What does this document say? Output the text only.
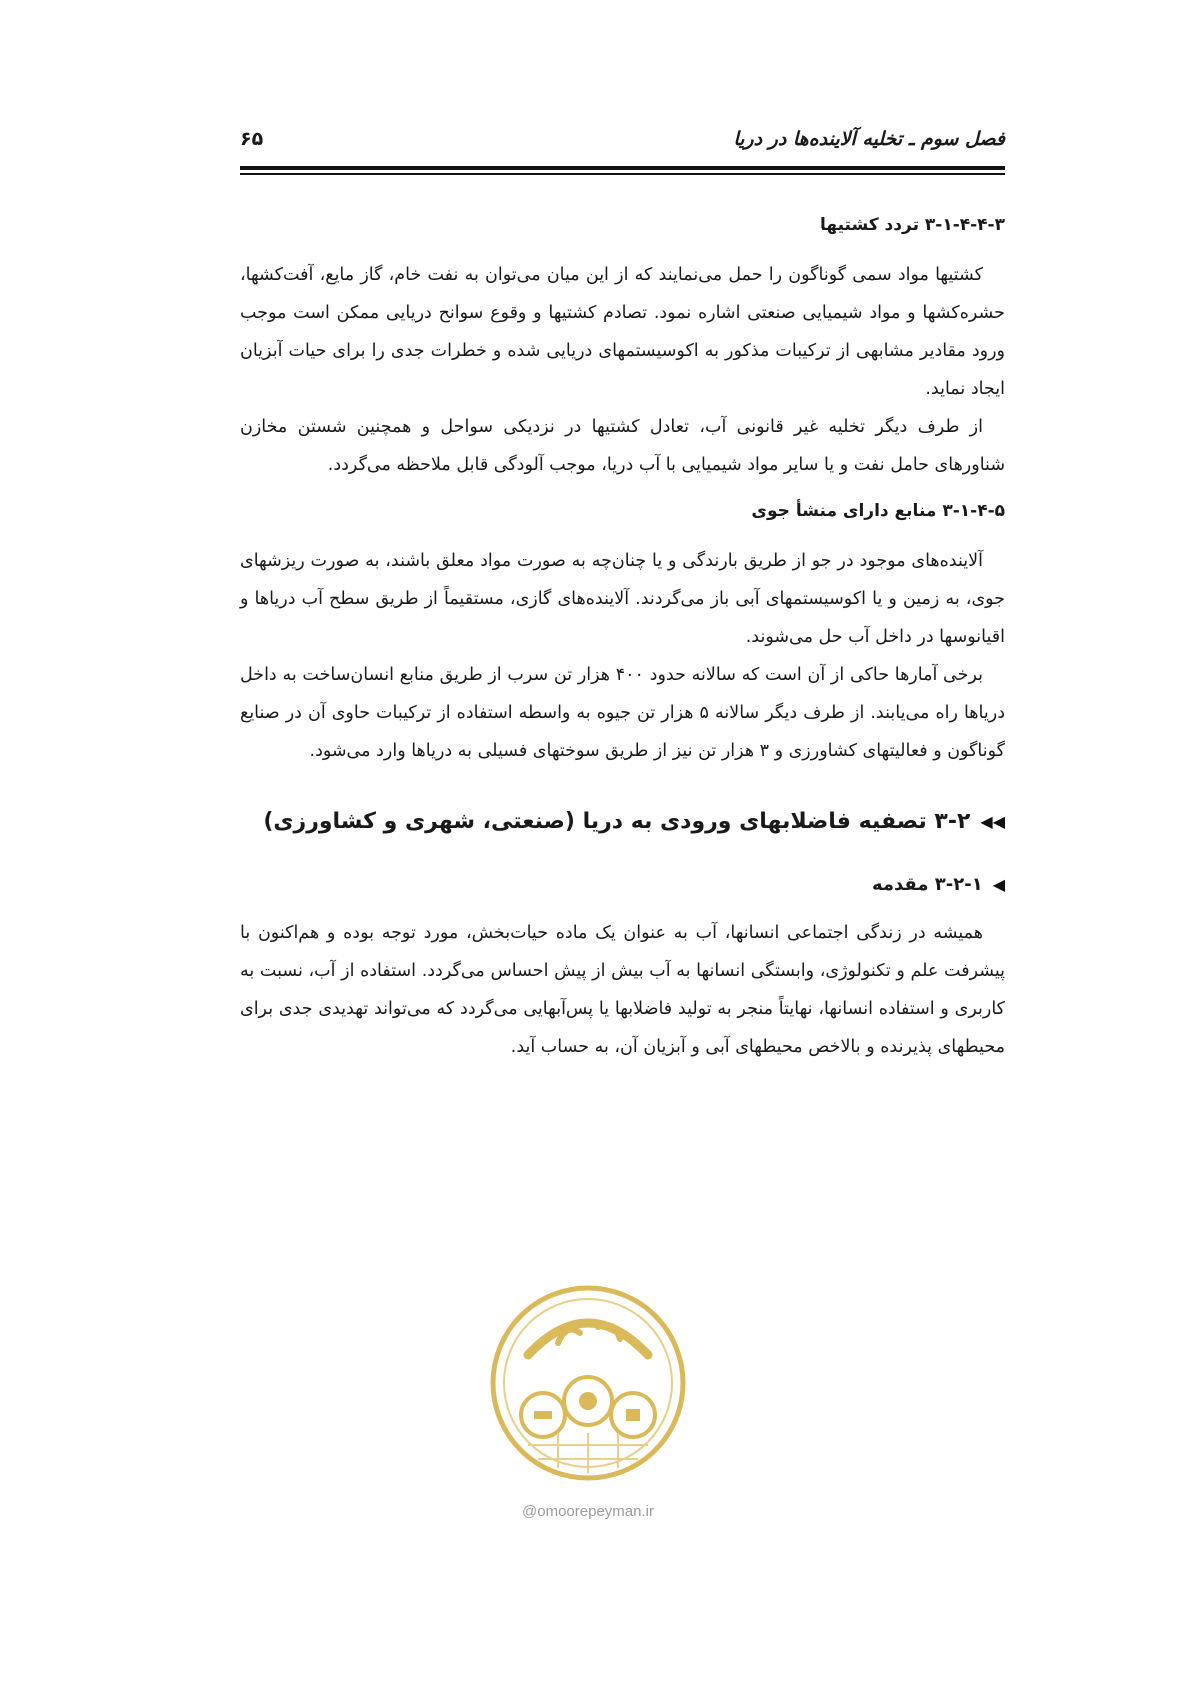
فصل سوم ـ تخلیه آلاینده‌ها در دریا
۶۵
۳-۱-۴-۴-۳ تردد کشتیها

کشتیها مواد سمی گوناگون را حمل می‌نمایند که از این میان می‌توان به نفت خام، گاز مایع، آفت‌کشها، حشره‌کشها و مواد شیمیایی صنعتی اشاره نمود. تصادم کشتیها و وقوع سوانح دریایی ممکن است موجب ورود مقادیر مشابهی از ترکیبات مذکور به اکوسیستمهای دریایی شده و خطرات جدی را برای حیات آبزیان ایجاد نماید.

از طرف دیگر تخلیه غیر قانونی آب، تعادل کشتیها در نزدیکی سواحل و همچنین شستن مخازن شناورهای حامل نفت و یا سایر مواد شیمیایی با آب دریا، موجب آلودگی قابل ملاحظه می‌گردد.

۳-۱-۴-۵ منابع دارای منشأ جوی

آلاینده‌های موجود در جو از طریق بارندگی و یا چنان‌چه به صورت مواد معلق باشند، به صورت ریزشهای جوی، به زمین و یا اکوسیستمهای آبی باز می‌گردند. آلاینده‌های گازی، مستقیماً از طریق سطح آب دریاها و اقیانوسها در داخل آب حل می‌شوند.

برخی آمارها حاکی از آن است که سالانه حدود ۴۰۰ هزار تن سرب از طریق منابع انسان‌ساخت به داخل دریاها راه می‌یابند. از طرف دیگر سالانه ۵ هزار تن جیوه به واسطه استفاده از ترکیبات حاوی آن در صنایع گوناگون و فعالیتهای کشاورزی و ۳ هزار تن نیز از طریق سوختهای فسیلی به دریاها وارد می‌شود.

◀◀
۳-۲ تصفیه فاضلابهای ورودی به دریا (صنعتی، شهری و کشاورزی)
◀
۳-۲-۱ مقدمه

همیشه در زندگی اجتماعی انسانها، آب به عنوان یک ماده حیات‌بخش، مورد توجه بوده و هم‌اکنون با پیشرفت علم و تکنولوژی، وابستگی انسانها به آب بیش از پیش احساس می‌گردد. استفاده از آب، نسبت به کاربری و استفاده انسانها، نهایتاً منجر به تولید فاضلابها یا پس‌آبهایی می‌گردد که می‌تواند تهدیدی جدی برای محیطهای پذیرنده و بالاخص محیطهای آبی و آبزیان آن، به حساب آید.

@omoorepeyman.ir
